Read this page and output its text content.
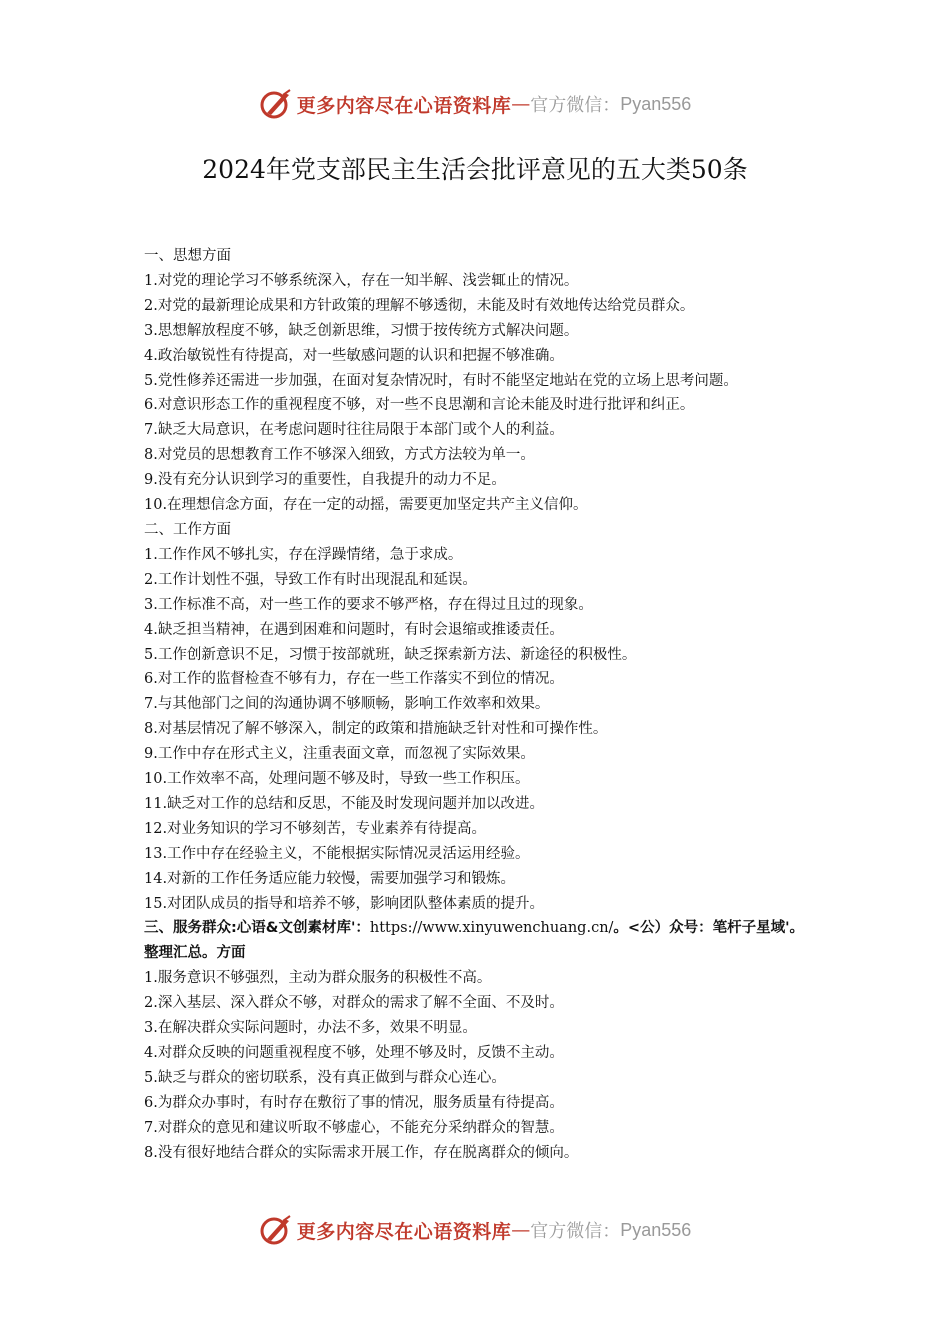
更多内容尽在心语资料库 — 官方微信： Pyan556
2024年党支部民主生活会批评意见的五大类50条

一、思想方面

1.对党的理论学习不够系统深入，存在一知半解、浅尝辄止的情况。

2.对党的最新理论成果和方针政策的理解不够透彻，未能及时有效地传达给党员群众。

3.思想解放程度不够，缺乏创新思维，习惯于按传统方式解决问题。

4.政治敏锐性有待提高，对一些敏感问题的认识和把握不够准确。

5.党性修养还需进一步加强，在面对复杂情况时，有时不能坚定地站在党的立场上思考问题。

6.对意识形态工作的重视程度不够，对一些不良思潮和言论未能及时进行批评和纠正。

7.缺乏大局意识，在考虑问题时往往局限于本部门或个人的利益。

8.对党员的思想教育工作不够深入细致，方式方法较为单一。

9.没有充分认识到学习的重要性，自我提升的动力不足。

10.在理想信念方面，存在一定的动摇，需要更加坚定共产主义信仰。

二、工作方面

1.工作作风不够扎实，存在浮躁情绪，急于求成。

2.工作计划性不强，导致工作有时出现混乱和延误。

3.工作标准不高，对一些工作的要求不够严格，存在得过且过的现象。

4.缺乏担当精神，在遇到困难和问题时，有时会退缩或推诿责任。

5.工作创新意识不足，习惯于按部就班，缺乏探索新方法、新途径的积极性。

6.对工作的监督检查不够有力，存在一些工作落实不到位的情况。

7.与其他部门之间的沟通协调不够顺畅，影响工作效率和效果。

8.对基层情况了解不够深入，制定的政策和措施缺乏针对性和可操作性。

9.工作中存在形式主义，注重表面文章，而忽视了实际效果。

10.工作效率不高，处理问题不够及时，导致一些工作积压。

11.缺乏对工作的总结和反思，不能及时发现问题并加以改进。

12.对业务知识的学习不够刻苦，专业素养有待提高。

13.工作中存在经验主义，不能根据实际情况灵活运用经验。

14.对新的工作任务适应能力较慢，需要加强学习和锻炼。

15.对团队成员的指导和培养不够，影响团队整体素质的提升。

三、服务群众:心语&文创素材库'：https://www.xinyuwenchuang.cn/。<公）众号：笔杆子星域'。整理汇总。方面

1.服务意识不够强烈，主动为群众服务的积极性不高。

2.深入基层、深入群众不够，对群众的需求了解不全面、不及时。

3.在解决群众实际问题时，办法不多，效果不明显。

4.对群众反映的问题重视程度不够，处理不够及时，反馈不主动。

5.缺乏与群众的密切联系，没有真正做到与群众心连心。

6.为群众办事时，有时存在敷衍了事的情况，服务质量有待提高。

7.对群众的意见和建议听取不够虚心，不能充分采纳群众的智慧。

8.没有很好地结合群众的实际需求开展工作，存在脱离群众的倾向。

更多内容尽在心语资料库 — 官方微信： Pyan556
